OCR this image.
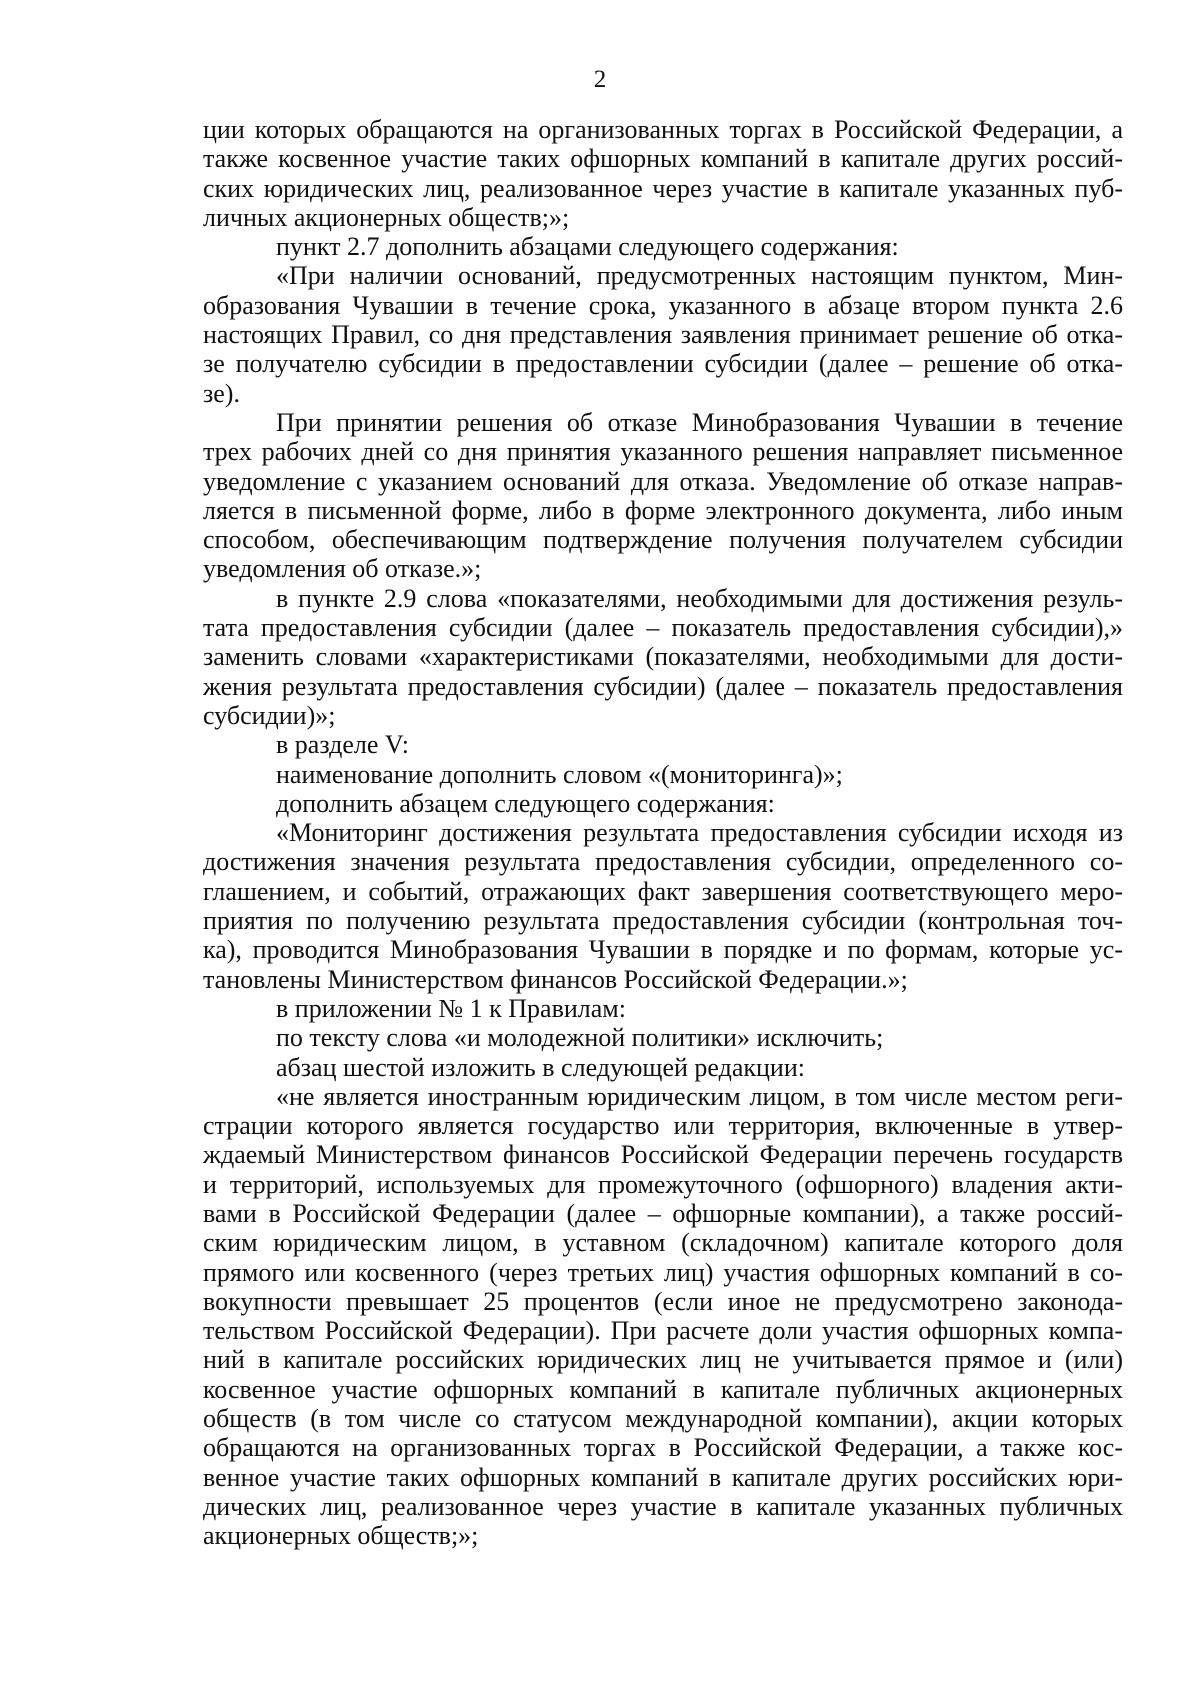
2
ции которых обращаются на организованных торгах в Российской Федерации, а
также косвенное участие таких офшорных компаний в капитале других россий-
ских юридических лиц, реализованное через участие в капитале указанных пуб-
личных акционерных обществ;»;
пункт 2.7 дополнить абзацами следующего содержания:
«При наличии оснований, предусмотренных настоящим пунктом, Мин-
образования Чувашии в течение срока, указанного в абзаце втором пункта 2.6
настоящих Правил, со дня представления заявления принимает решение об отка-
зе получателю субсидии в предоставлении субсидии (далее – решение об отка-
зе).
При принятии решения об отказе Минобразования Чувашии в течение
трех рабочих дней со дня принятия указанного решения направляет письменное
уведомление с указанием оснований для отказа. Уведомление об отказе направ-
ляется в письменной форме, либо в форме электронного документа, либо иным
способом, обеспечивающим подтверждение получения получателем субсидии
уведомления об отказе.»;
в пункте 2.9 слова «показателями, необходимыми для достижения резуль-
тата предоставления субсидии (далее – показатель предоставления субсидии),»
заменить словами «характеристиками (показателями, необходимыми для дости-
жения результата предоставления субсидии) (далее – показатель предоставления
субсидии)»;
в разделе V:
наименование дополнить словом «(мониторинга)»;
дополнить абзацем следующего содержания:
«Мониторинг достижения результата предоставления субсидии исходя из
достижения значения результата предоставления субсидии, определенного со-
глашением, и событий, отражающих факт завершения соответствующего меро-
приятия по получению результата предоставления субсидии (контрольная точ-
ка), проводится Минобразования Чувашии в порядке и по формам, которые ус-
тановлены Министерством финансов Российской Федерации.»;
в приложении № 1 к Правилам:
по тексту слова «и молодежной политики» исключить;
абзац шестой изложить в следующей редакции:
«не является иностранным юридическим лицом, в том числе местом реги-
страции которого является государство или территория, включенные в утвер-
ждаемый Министерством финансов Российской Федерации перечень государств
и территорий, используемых для промежуточного (офшорного) владения акти-
вами в Российской Федерации (далее – офшорные компании), а также россий-
ским юридическим лицом, в уставном (складочном) капитале которого доля
прямого или косвенного (через третьих лиц) участия офшорных компаний в со-
вокупности превышает 25 процентов (если иное не предусмотрено законода-
тельством Российской Федерации). При расчете доли участия офшорных компа-
ний в капитале российских юридических лиц не учитывается прямое и (или)
косвенное участие офшорных компаний в капитале публичных акционерных
обществ (в том числе со статусом международной компании), акции которых
обращаются на организованных торгах в Российской Федерации, а также кос-
венное участие таких офшорных компаний в капитале других российских юри-
дических лиц, реализованное через участие в капитале указанных публичных
акционерных обществ;»;
